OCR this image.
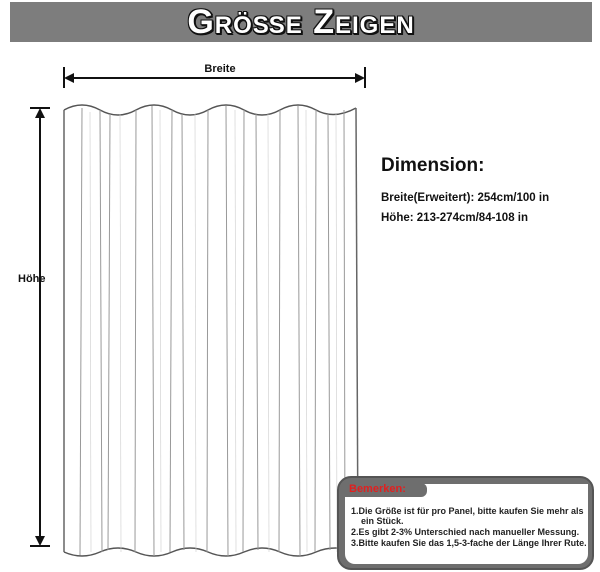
Größe Zeigen
Breite
Höhe
Dimension:
Breite(Erweitert): 254cm/100 in
Höhe: 213-274cm/84-108 in
1.Die Größe ist für pro Panel, bitte kaufen Sie mehr als ein Stück.
2.Es gibt 2-3% Unterschied nach manueller Messung.
3.Bitte kaufen Sie das 1,5-3-fache der Länge Ihrer Rute.
Bemerken:
